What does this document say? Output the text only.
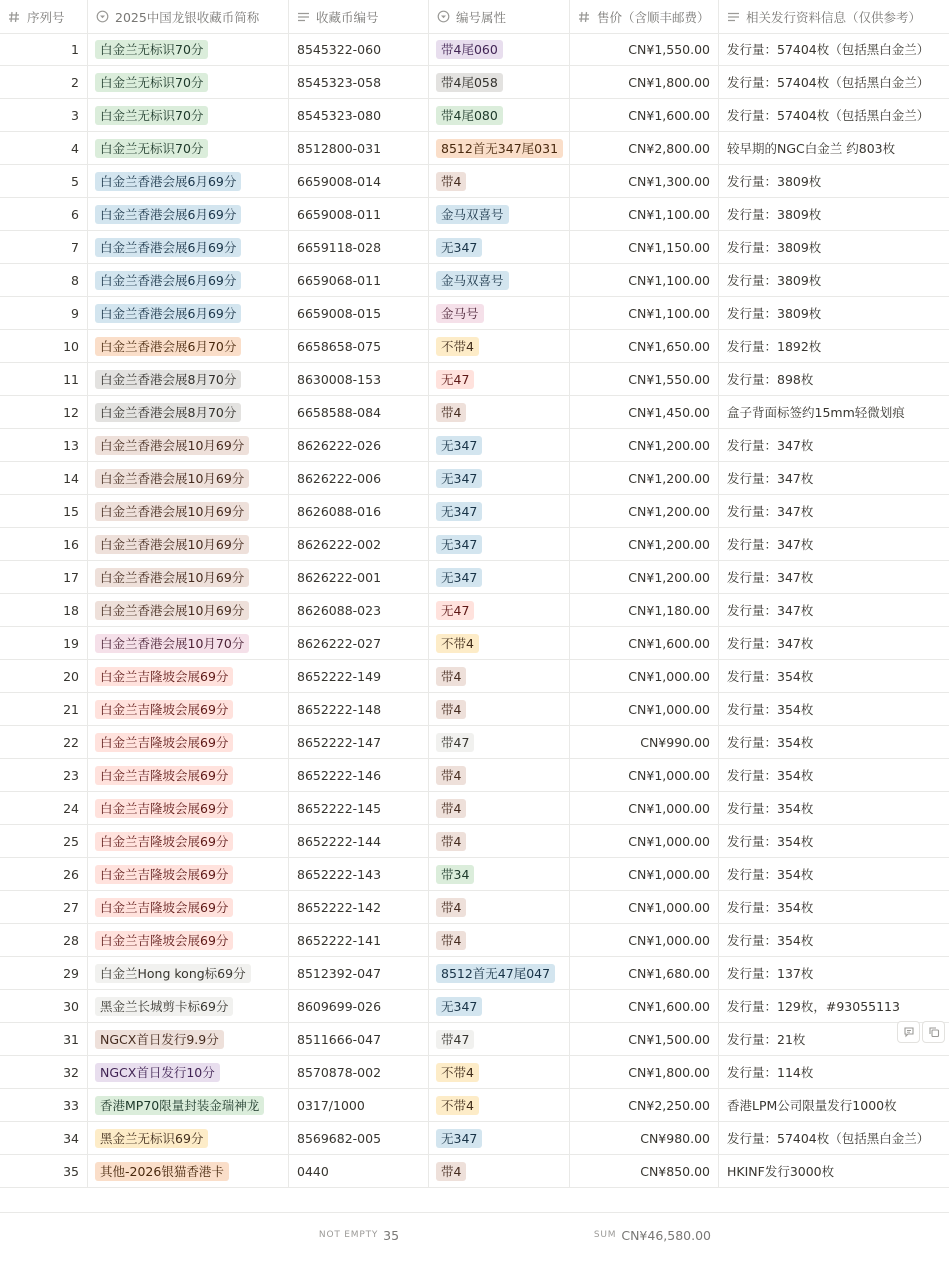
序列号	2025中国龙银收藏币简称	收藏币编号	编号属性	售价（含顺丰邮费）	相关发行资料信息（仅供参考）
1	白金兰无标识70分	8545322-060	带4尾060	CN¥1,550.00 发行量：57404枚（包括黑白金兰）
2	白金兰无标识70分	8545323-058	带4尾058	CN¥1,800.00 发行量：57404枚（包括黑白金兰）
3	白金兰无标识70分	8545323-080	带4尾080	CN¥1,600.00 发行量：57404枚（包括黑白金兰）
4	白金兰无标识70分	8512800-031	8512首无347尾031	CN¥2,800.00 较早期的NGC白金兰 约803枚
5	白金兰香港会展6月69分	6659008-014	带4	CN¥1,300.00 发行量：3809枚
6	白金兰香港会展6月69分	6659008-011	金马双喜号	CN¥1,100.00 发行量：3809枚
7	白金兰香港会展6月69分	6659118-028	无347	CN¥1,150.00 发行量：3809枚
8	白金兰香港会展6月69分	6659068-011	金马双喜号	CN¥1,100.00 发行量：3809枚
9	白金兰香港会展6月69分	6659008-015	金马号	CN¥1,100.00 发行量：3809枚
10	白金兰香港会展6月70分	6658658-075	不带4	CN¥1,650.00 发行量：1892枚
11	白金兰香港会展8月70分	8630008-153	无47	CN¥1,550.00 发行量：898枚
12	白金兰香港会展8月70分	6658588-084	带4	CN¥1,450.00 盒子背面标签约15mm轻微划痕
13	白金兰香港会展10月69分	8626222-026	无347	CN¥1,200.00 发行量：347枚
14	白金兰香港会展10月69分	8626222-006	无347	CN¥1,200.00 发行量：347枚
15	白金兰香港会展10月69分	8626088-016	无347	CN¥1,200.00 发行量：347枚
16	白金兰香港会展10月69分	8626222-002	无347	CN¥1,200.00 发行量：347枚
17	白金兰香港会展10月69分	8626222-001	无347	CN¥1,200.00 发行量：347枚
18	白金兰香港会展10月69分	8626088-023	无47	CN¥1,180.00 发行量：347枚
19	白金兰香港会展10月70分	8626222-027	不带4	CN¥1,600.00 发行量：347枚
20	白金兰吉隆坡会展69分	8652222-149	带4	CN¥1,000.00 发行量：354枚
21	白金兰吉隆坡会展69分	8652222-148	带4	CN¥1,000.00 发行量：354枚
22	白金兰吉隆坡会展69分	8652222-147	带47	CN¥990.00 发行量：354枚
23	白金兰吉隆坡会展69分	8652222-146	带4	CN¥1,000.00 发行量：354枚
24	白金兰吉隆坡会展69分	8652222-145	带4	CN¥1,000.00 发行量：354枚
25	白金兰吉隆坡会展69分	8652222-144	带4	CN¥1,000.00 发行量：354枚
26	白金兰吉隆坡会展69分	8652222-143	带34	CN¥1,000.00 发行量：354枚
27	白金兰吉隆坡会展69分	8652222-142	带4	CN¥1,000.00 发行量：354枚
28	白金兰吉隆坡会展69分	8652222-141	带4	CN¥1,000.00 发行量：354枚
29	白金兰Hong kong标69分	8512392-047	8512首无47尾047	CN¥1,680.00 发行量：137枚
30	黑金兰长城剪卡标69分	8609699-026	无347	CN¥1,600.00 发行量：129枚，#93055113
31	NGCX首日发行9.9分	8511666-047	带47	CN¥1,500.00 发行量：21枚
32	NGCX首日发行10分	8570878-002	不带4	CN¥1,800.00 发行量：114枚
33	香港MP70限量封装金瑞神龙	0317/1000	不带4	CN¥2,250.00 香港LPM公司限量发行1000枚
34	黑金兰无标识69分	8569682-005	无347	CN¥980.00 发行量：57404枚（包括黑白金兰）
35	其他-2026银猫香港卡	0440	带4	CN¥850.00 HKINF发行3000枚
NOT EMPTY 35	SUM CN¥46,580.00
